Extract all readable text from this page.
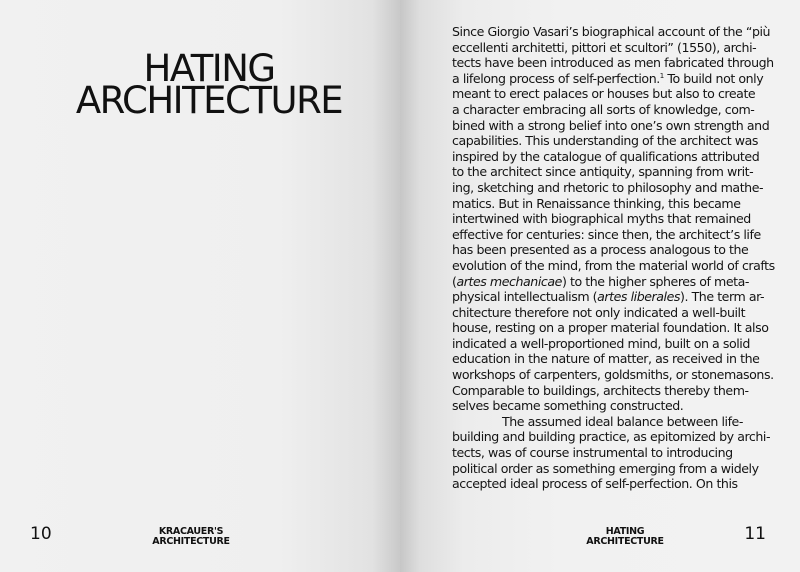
HATING
ARCHITECTURE
10	KRACAUER'S
ARCHITECTURE
Since Giorgio Vasari’s biographical account of the “più
eccellenti architetti, pittori et scultori” (1550), archi-
tects have been introduced as men fabricated through
a lifelong process of self-perfection.$^1$ To build not only
meant to erect palaces or houses but also to create
a character embracing all sorts of knowledge, com-
bined with a strong belief into one’s own strength and
capabilities. This understanding of the architect was
inspired by the catalogue of qualifications attributed
to the architect since antiquity, spanning from writ-
ing, sketching and rhetoric to philosophy and mathe-
matics. But in Renaissance thinking, this became
intertwined with biographical myths that remained
effective for centuries: since then, the architect’s life
has been presented as a process analogous to the
evolution of the mind, from the material world of crafts
(artes mechanicae) to the higher spheres of meta-
physical intellectualism (artes liberales). The term ar-
chitecture therefore not only indicated a well-built
house, resting on a proper material foundation. It also
indicated a well-proportioned mind, built on a solid
education in the nature of matter, as received in the
workshops of carpenters, goldsmiths, or stonemasons.
Comparable to buildings, architects thereby them-
selves became something constructed.
The assumed ideal balance between life-
building and building practice, as epitomized by archi-
tects, was of course instrumental to introducing
political order as something emerging from a widely
accepted ideal process of self-perfection. On this
HATING
ARCHITECTURE	11
